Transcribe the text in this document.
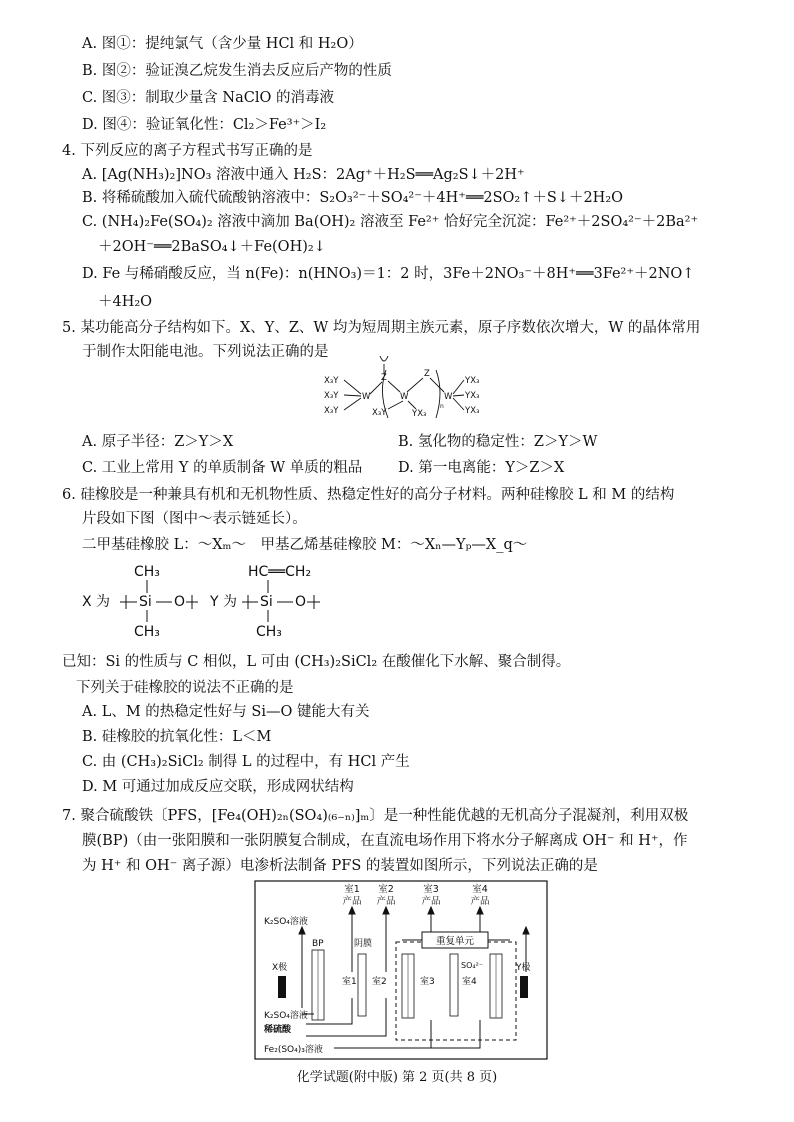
A. 图①：提纯氯气（含少量 HCl 和 H₂O）
B. 图②：验证溴乙烷发生消去反应后产物的性质
C. 图③：制取少量含 NaClO 的消毒液
D. 图④：验证氧化性：Cl₂＞Fe³⁺＞I₂
4. 下列反应的离子方程式书写正确的是
A. [Ag(NH₃)₂]NO₃ 溶液中通入 H₂S：2Ag⁺＋H₂S══Ag₂S↓＋2H⁺
B. 将稀硫酸加入硫代硫酸钠溶液中：S₂O₃²⁻＋SO₄²⁻＋4H⁺══2SO₂↑＋S↓＋2H₂O
C. (NH₄)₂Fe(SO₄)₂ 溶液中滴加 Ba(OH)₂ 溶液至 Fe²⁺ 恰好完全沉淀：Fe²⁺＋2SO₄²⁻＋2Ba²⁺
＋2OH⁻══2BaSO₄↓＋Fe(OH)₂↓
D. Fe 与稀硝酸反应，当 n(Fe)：n(HNO₃)＝1：2 时，3Fe＋2NO₃⁻＋8H⁺══3Fe²⁺＋2NO↑
＋4H₂O
5. 某功能高分子结构如下。X、Y、Z、W 均为短周期主族元素，原子序数依次增大，W 的晶体常用
于制作太阳能电池。下列说法正确的是
X₃Y
X₃Y
X₃Y
W
Z	Z
W
X₃Y	YX₃
W
YX₃
YX₃
YX₃
n
A. 原子半径：Z＞Y＞X	B. 氢化物的稳定性：Z＞Y＞W
C. 工业上常用 Y 的单质制备 W 单质的粗品 D. 第一电离能：Y＞Z＞X
6. 硅橡胶是一种兼具有机和无机物性质、热稳定性好的高分子材料。两种硅橡胶 L 和 M 的结构
片段如下图（图中～表示链延长）。
二甲基硅橡胶 L：～Xₘ～　甲基乙烯基硅橡胶 M：～Xₙ—Yₚ—X_q～
X 为
CH₃
Si O
CH₃
Y 为
HC══CH₂
Si O
CH₃
已知：Si 的性质与 C 相似，L 可由 (CH₃)₂SiCl₂ 在酸催化下水解、聚合制得。
下列关于硅橡胶的说法不正确的是
A. L、M 的热稳定性好与 Si—O 键能大有关
B. 硅橡胶的抗氧化性：L＜M
C. 由 (CH₃)₂SiCl₂ 制得 L 的过程中，有 HCl 产生
D. M 可通过加成反应交联，形成网状结构
7. 聚合硫酸铁〔PFS，[Fe₄(OH)₂ₙ(SO₄)₍₆₋ₙ₎]ₘ〕是一种性能优越的无机高分子混凝剂，利用双极
膜(BP)（由一张阳膜和一张阴膜复合制成，在直流电场作用下将水分子解离成 OH⁻ 和 H⁺，作
为 H⁺ 和 OH⁻ 离子源）电渗析法制备 PFS 的装置如图所示，下列说法正确的是
室1
产品
室2
产品
室3
产品
室4
产品
K₂SO₄溶液
BP	阴膜
X极	Y极
室1 室2	室3	室4
SO₄²⁻
K₂SO₄溶液
稀硫酸
Fe₂(SO₄)₃溶液
重复单元
化学试题(附中版) 第 2 页(共 8 页)
